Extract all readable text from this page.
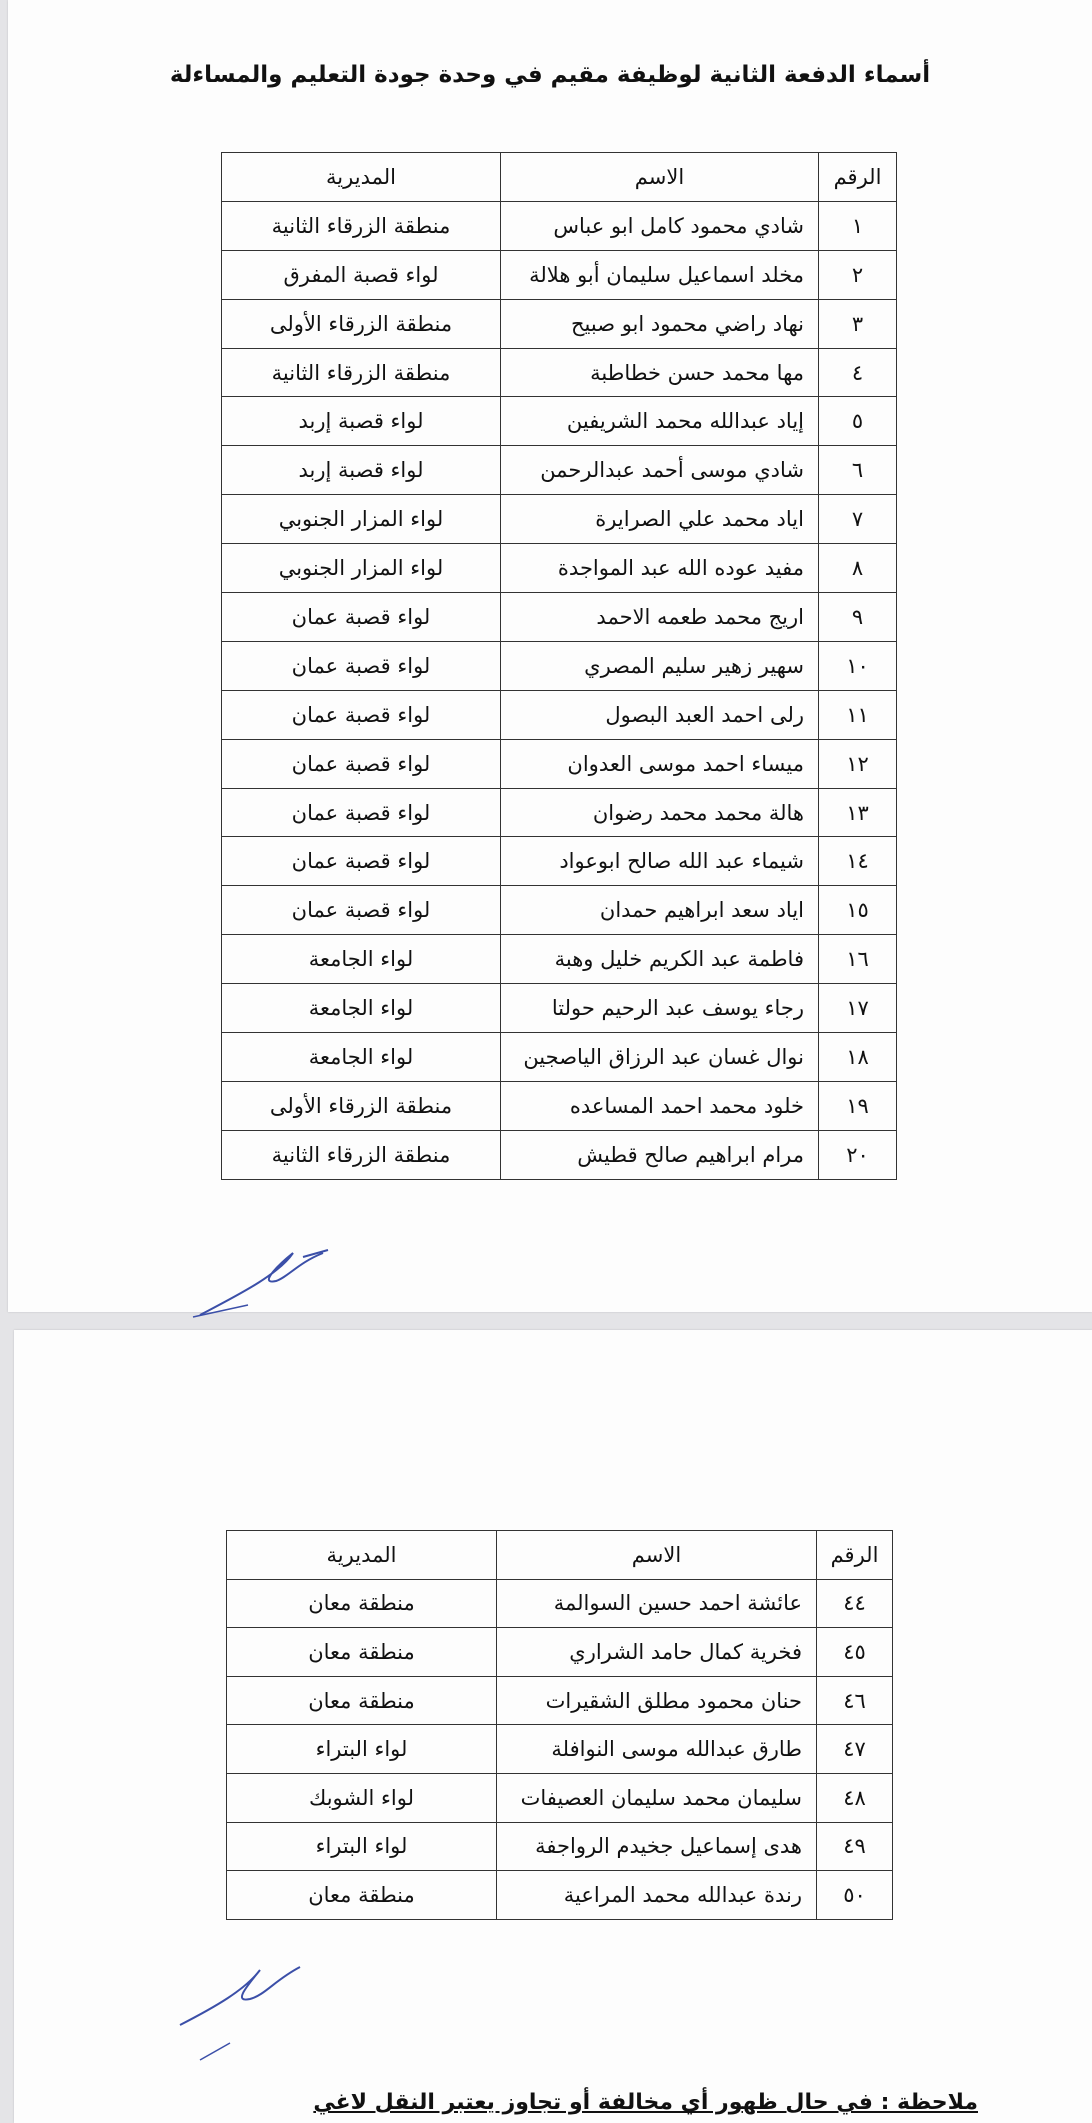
أسماء الدفعة الثانية لوظيفة مقيم في وحدة جودة التعليم والمساءلة
الرقم	الاسم	المديرية
١	شادي محمود كامل ابو عباس	منطقة الزرقاء الثانية
٢	مخلد اسماعيل سليمان أبو هلالة	لواء قصبة المفرق
٣	نهاد راضي محمود ابو صبيح	منطقة الزرقاء الأولى
٤	مها محمد حسن خطاطبة	منطقة الزرقاء الثانية
٥	إياد عبدالله محمد الشريفين	لواء قصبة إربد
٦	شادي موسى أحمد عبدالرحمن	لواء قصبة إربد
٧	اياد محمد علي الصرايرة	لواء المزار الجنوبي
٨	مفيد عوده الله عبد المواجدة	لواء المزار الجنوبي
٩	اريج محمد طعمه الاحمد	لواء قصبة عمان
١٠	سهير زهير سليم المصري	لواء قصبة عمان
١١	رلى احمد العبد البصول	لواء قصبة عمان
١٢	ميساء احمد موسى العدوان	لواء قصبة عمان
١٣	هالة محمد محمد رضوان	لواء قصبة عمان
١٤	شيماء عبد الله صالح ابوعواد	لواء قصبة عمان
١٥	اياد سعد ابراهيم حمدان	لواء قصبة عمان
١٦	فاطمة عبد الكريم خليل وهبة	لواء الجامعة
١٧	رجاء يوسف عبد الرحيم حولتا	لواء الجامعة
١٨	نوال غسان عبد الرزاق الياصجين	لواء الجامعة
١٩	خلود محمد احمد المساعده	منطقة الزرقاء الأولى
٢٠	مرام ابراهيم صالح قطيش	منطقة الزرقاء الثانية
الرقم	الاسم	المديرية
٤٤	عائشة احمد حسين السوالمة	منطقة معان
٤٥	فخرية كمال حامد الشراري	منطقة معان
٤٦	حنان محمود مطلق الشقيرات	منطقة معان
٤٧	طارق عبدالله موسى النوافلة	لواء البتراء
٤٨	سليمان محمد سليمان العصيفات	لواء الشوبك
٤٩	هدى إسماعيل جخيدم الرواجفة	لواء البتراء
٥٠	رندة عبدالله محمد المراعية	منطقة معان
ملاحظة : في حال ظهور أي مخالفة أو تجاوز يعتبر النقل لاغي
